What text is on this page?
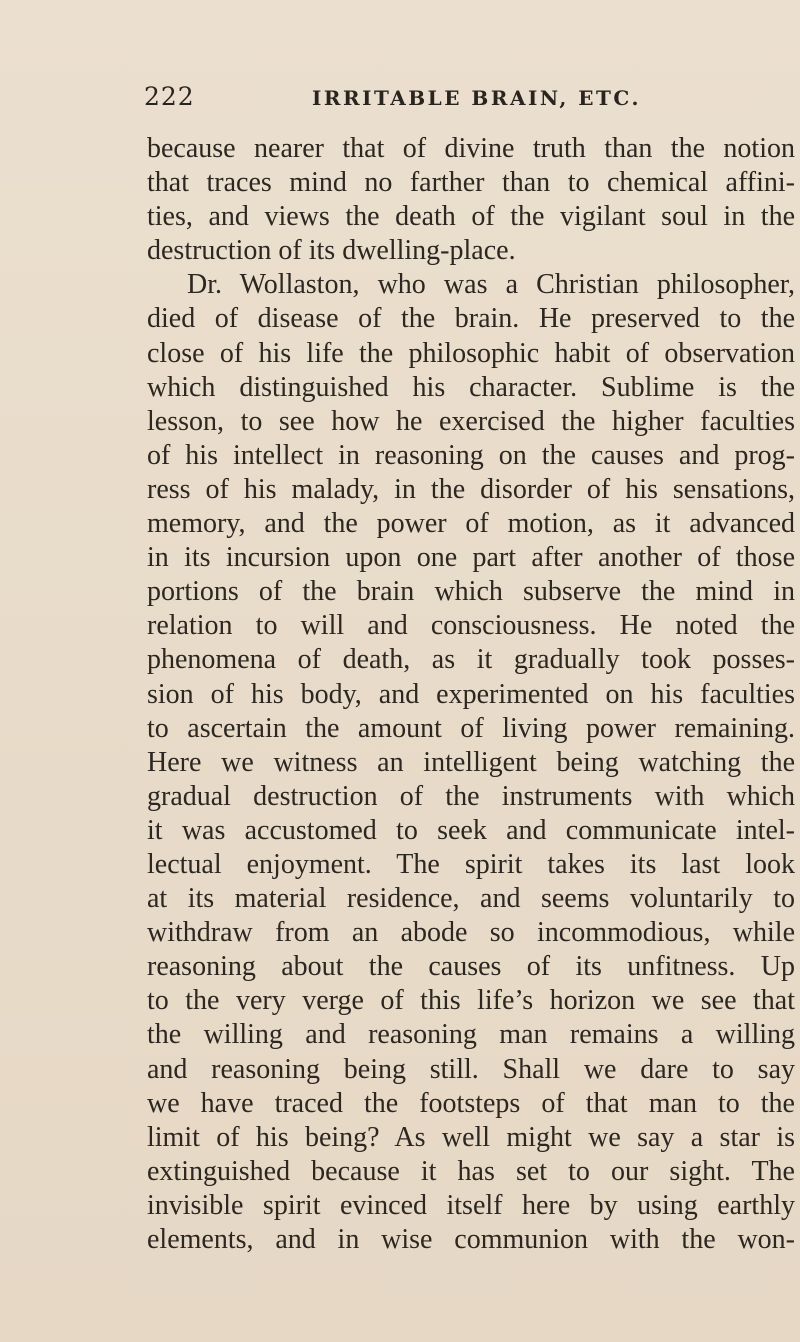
222	IRRITABLE BRAIN, ETC.
because nearer that of divine truth than the notion
that traces mind no farther than to chemical affini-
ties, and views the death of the vigilant soul in the
destruction of its dwelling-place.
Dr. Wollaston, who was a Christian philosopher,
died of disease of the brain. He preserved to the
close of his life the philosophic habit of observation
which distinguished his character. Sublime is the
lesson, to see how he exercised the higher faculties
of his intellect in reasoning on the causes and prog-
ress of his malady, in the disorder of his sensations,
memory, and the power of motion, as it advanced
in its incursion upon one part after another of those
portions of the brain which subserve the mind in
relation to will and consciousness. He noted the
phenomena of death, as it gradually took posses-
sion of his body, and experimented on his faculties
to ascertain the amount of living power remaining.
Here we witness an intelligent being watching the
gradual destruction of the instruments with which
it was accustomed to seek and communicate intel-
lectual enjoyment. The spirit takes its last look
at its material residence, and seems voluntarily to
withdraw from an abode so incommodious, while
reasoning about the causes of its unfitness. Up
to the very verge of this life’s horizon we see that
the willing and reasoning man remains a willing
and reasoning being still. Shall we dare to say
we have traced the footsteps of that man to the
limit of his being? As well might we say a star is
extinguished because it has set to our sight. The
invisible spirit evinced itself here by using earthly
elements, and in wise communion with the won-
